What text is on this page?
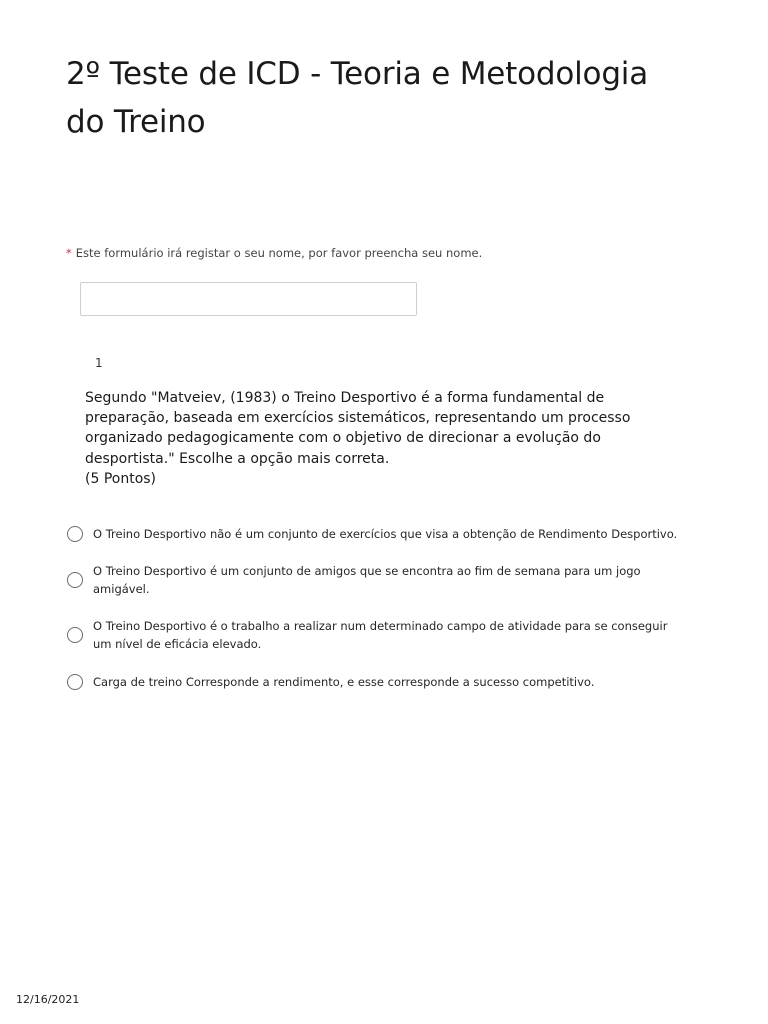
2º Teste de ICD - Teoria e Metodologia
do Treino
* Este formulário irá registar o seu nome, por favor preencha seu nome.
1
Segundo "Matveiev, (1983) o Treino Desportivo é a forma fundamental de
preparação, baseada em exercícios sistemáticos, representando um processo
organizado pedagogicamente com o objetivo de direcionar a evolução do
desportista." Escolhe a opção mais correta.
(5 Pontos)
O Treino Desportivo não é um conjunto de exercícios que visa a obtenção de Rendimento Desportivo.
O Treino Desportivo é um conjunto de amigos que se encontra ao fim de semana para um jogo
amigável.
O Treino Desportivo é o trabalho a realizar num determinado campo de atividade para se conseguir
um nível de eficácia elevado.
Carga de treino Corresponde a rendimento, e esse corresponde a sucesso competitivo.
12/16/2021
